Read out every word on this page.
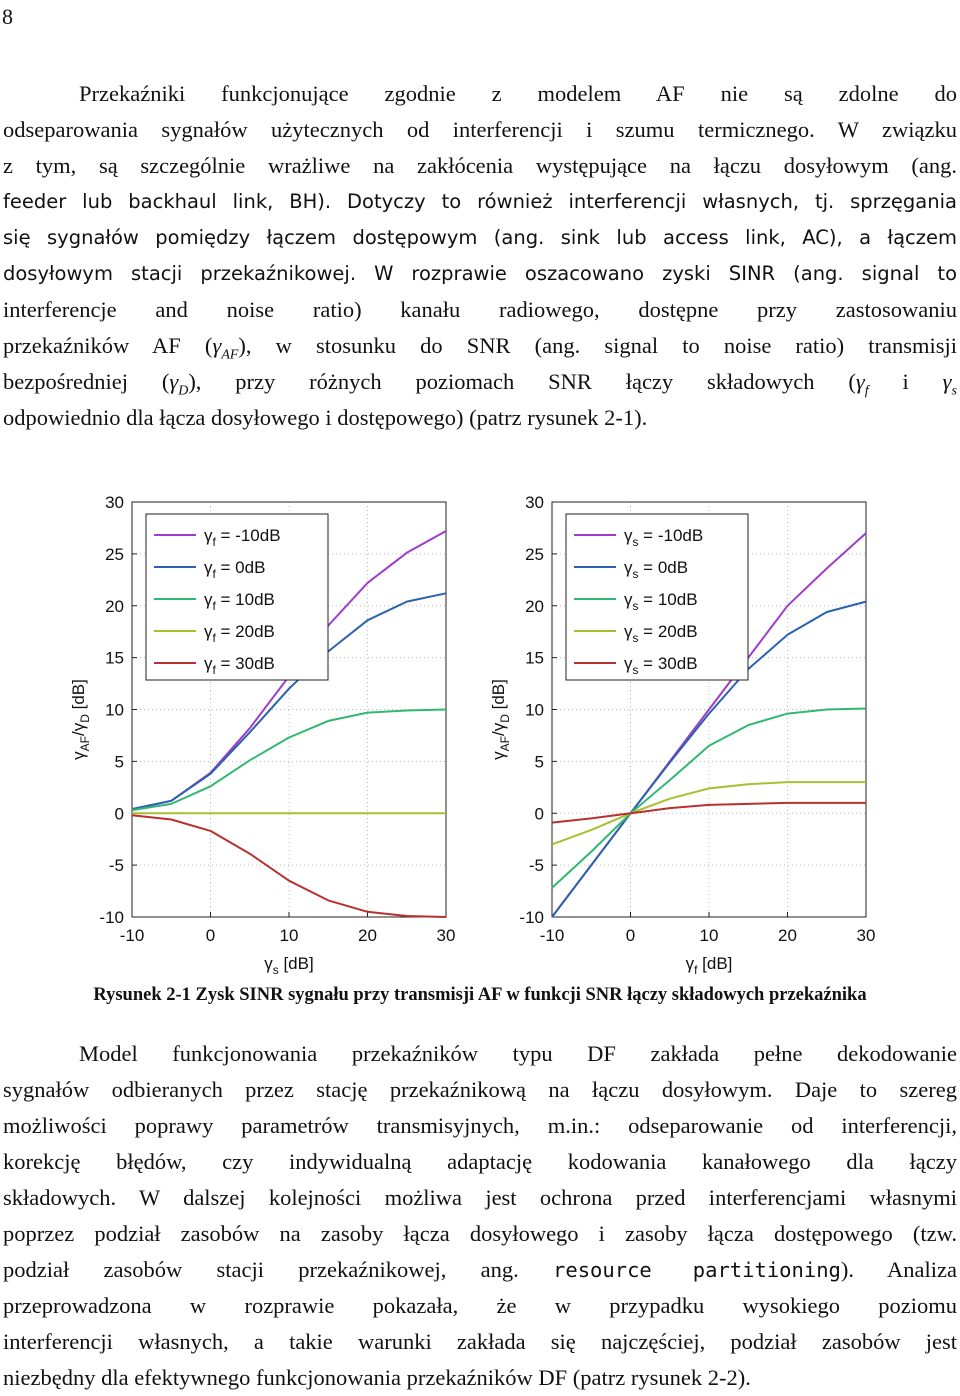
8
Przekaźniki funkcjonujące zgodnie z modelem AF nie są zdolne do
odseparowania sygnałów użytecznych od interferencji i szumu termicznego. W związku
z tym, są szczególnie wrażliwe na zakłócenia występujące na łączu dosyłowym (ang.
feeder lub backhaul link, BH). Dotyczy to również interferencji własnych, tj. sprzęgania
się sygnałów pomiędzy łączem dostępowym (ang. sink lub access link, AC), a łączem
dosyłowym stacji przekaźnikowej. W rozprawie oszacowano zyski SINR (ang. signal to
interferencje and noise ratio) kanału radiowego, dostępne przy zastosowaniu
przekaźników AF $(\gamma_{AF})$, w stosunku do SNR (ang. signal to noise ratio) transmisji
bezpośredniej $(\gamma_D)$, przy różnych poziomach SNR łączy składowych ($\gamma_f$ i $\gamma_s$
odpowiednio dla łącza dosyłowego i dostępowego) (patrz rysunek 2-1).
-10	0	10	20	30
30
25
20
15
10
5
0
-5
-10
$\gamma_f = -10dB$
$\gamma_f = 0dB$
$\gamma_f = 10dB$
$\gamma_f = 20dB$
$\gamma_f = 30dB$
$\gamma_s$ [dB]
$\gamma_{AF}/\gamma_D$ [dB]
-10	0	10	20	30
30
25
20
15
10
5
0
-5
-10
$\gamma_s = -10dB$
$\gamma_s = 0dB$
$\gamma_s = 10dB$
$\gamma_s = 20dB$
$\gamma_s = 30dB$
$\gamma_f$ [dB]
$\gamma_{AF}/\gamma_D$ [dB]
Rysunek 2-1 Zysk SINR sygnału przy transmisji AF w funkcji SNR łączy składowych przekaźnika
Model funkcjonowania przekaźników typu DF zakłada pełne dekodowanie
sygnałów odbieranych przez stację przekaźnikową na łączu dosyłowym. Daje to szereg
możliwości poprawy parametrów transmisyjnych, m.in.: odseparowanie od interferencji,
korekcję błędów, czy indywidualną adaptację kodowania kanałowego dla łączy
składowych. W dalszej kolejności możliwa jest ochrona przed interferencjami własnymi
poprzez podział zasobów na zasoby łącza dosyłowego i zasoby łącza dostępowego (tzw.
podział zasobów stacji przekaźnikowej, ang. resource partitioning). Analiza
przeprowadzona w rozprawie pokazała, że w przypadku wysokiego poziomu
interferencji własnych, a takie warunki zakłada się najczęściej, podział zasobów jest
niezbędny dla efektywnego funkcjonowania przekaźników DF (patrz rysunek 2-2).
